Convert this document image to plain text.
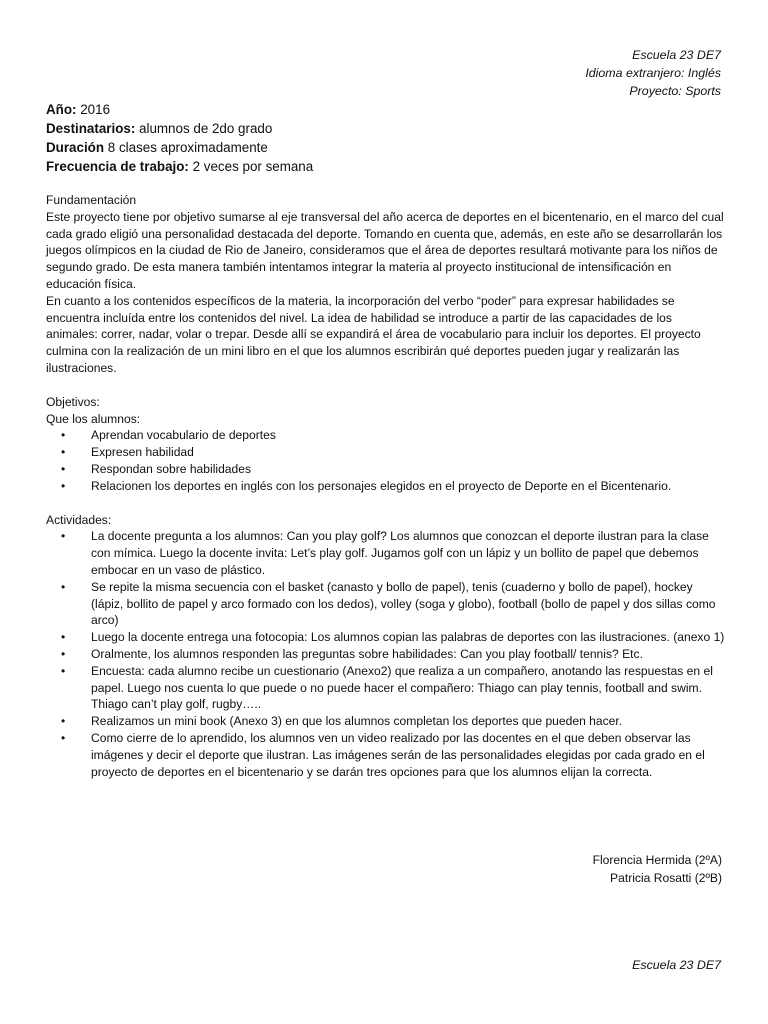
Escuela 23 DE7
Idioma extranjero: Inglés
Proyecto: Sports
Año: 2016
Destinatarios: alumnos de 2do grado
Duración 8 clases aproximadamente
Frecuencia de trabajo: 2 veces por semana
Fundamentación

Este proyecto tiene por objetivo sumarse al eje transversal del año acerca de deportes en el bicentenario, en el marco del cual cada grado eligió una personalidad destacada del deporte. Tomando en cuenta que, además, en este año se desarrollarán los juegos olímpicos en la ciudad de Rio de Janeiro, consideramos que el área de deportes resultará motivante para los niños de segundo grado. De esta manera también intentamos integrar la materia al proyecto institucional de intensificación en educación física.

En cuanto a los contenidos específicos de la materia, la incorporación del verbo “poder” para expresar habilidades se encuentra incluída entre los contenidos del nivel. La idea de habilidad se introduce a partir de las capacidades de los animales: correr, nadar, volar o trepar. Desde allí se expandirá el área de vocabulario para incluir los deportes. El proyecto culmina con la realización de un mini libro en el que los alumnos escribirán qué deportes pueden jugar y realizarán las ilustraciones.

Objetivos:
Que los alumnos:
• Aprendan vocabulario de deportes
• Expresen habilidad
• Respondan sobre habilidades
• Relacionen los deportes en inglés con los personajes elegidos en el proyecto de Deporte en el Bicentenario.
Actividades:
• La docente pregunta a los alumnos: Can you play golf? Los alumnos que conozcan el deporte ilustran para la clase con mímica. Luego la docente invita: Let’s play golf. Jugamos golf con un lápiz y un bollito de papel que debemos embocar en un vaso de plástico.
• Se repite la misma secuencia con el basket (canasto y bollo de papel), tenis (cuaderno y bollo de papel), hockey (lápiz, bollito de papel y arco formado con los dedos), volley (soga y globo), football (bollo de papel y dos sillas como arco)
• Luego la docente entrega una fotocopia: Los alumnos copian las palabras de deportes con las ilustraciones. (anexo 1)
• Oralmente, los alumnos responden las preguntas sobre habilidades: Can you play football/ tennis? Etc.
• Encuesta: cada alumno recibe un cuestionario (Anexo2) que realiza a un compañero, anotando las respuestas en el papel. Luego nos cuenta lo que puede o no puede hacer el compañero: Thiago can play tennis, football and swim. Thiago can’t play golf, rugby…..
• Realizamos un mini book (Anexo 3) en que los alumnos completan los deportes que pueden hacer.
• Como cierre de lo aprendido, los alumnos ven un video realizado por las docentes en el que deben observar las imágenes y decir el deporte que ilustran. Las imágenes serán de las personalidades elegidas por cada grado en el proyecto de deportes en el bicentenario y se darán tres opciones para que los alumnos elijan la correcta.
Florencia Hermida (2ºA)
Patricia Rosatti (2ºB)
Escuela 23 DE7
